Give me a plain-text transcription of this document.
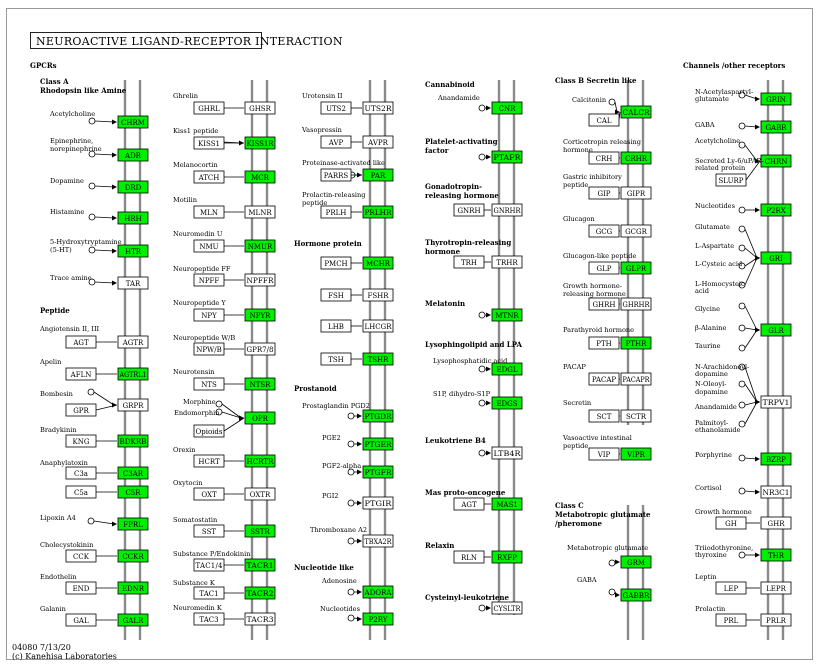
NEUROACTIVE LIGAND-RECEPTOR INTERACTION
AGT
AFLN
GPR
KNG
C3a
C5a
CCK
END
GAL
GHRL
KISS1
ATCH
MLN
NMU
NPFF
NPY
NPW/B
NTS
Opioids
HCRT
OXT
SST
TAC1/4
TAC1
TAC3
UTS2
AVP
PARRS
PRLH
PMCH
FSH
LHB
TSH
GNRH
TRH
AGT
RLN
CAL
CRH
GIP
GCG
GLP
GHRH
PTH
PACAP
SCT
VIP
SLURP
GH
LEP
PRL
CHRM
ADR
DRD
HRH
HTR
TAR
AGTR
AGTRL1
GRPR
BDKRB
C3AR
C5R
FPRL
CCKR
EDNR
GALR
GHSR
KISS1R
MCR
MLNR
NMUR
NPFFR
NPYR
GPR7/8
NTSR
OPR
HCRTR
OXTR
SSTR
TACR1
TACR2
TACR3
UTS2R
AVPR
PAR
PRLHR
MCHR
FSHR
LHCGR
TSHR
PTGDR
PTGER
PTGFR
PTGIR
TBXA2R
ADORA
P2RY
CNR
PTAFR
GNRHR
TRHR
MTNR
EDGL
EDGS
LTB4R
MAS1
RXFP
CYSLTR
CALCR
CRHR
GIPR
GCGR
GLPR
GHRHR
PTHR
PACAPR
SCTR
VIPR
GRM
GABBR
GRIN
GABR
CHRN
P2RX
GRI
GLR
TRPV1
BZRP
NR3C1
GHR
THR
LEPR
PRLR
GPCRs
Class A
Rhodopsin like Amine
Peptide
Hormone protein
Prostanoid
Nucleotide like
Cannabinoid
Platelet-activating
factor
Gonadotropin-
releasing hormone
Thyrotropin-releasing
hormone
Melatonin
Lysophingolipid and LPA
Leukotriene B4
Mas proto-oncogene
Relaxin
Cysteinyl-leukotriene
Class B Secretin like
Class C
Metabotropic glutamate
/pheromone
Channels /other receptors
Acetylcholine
Epinephrine,
norepinephrine
Dopamine
Histamine
5-Hydroxytryptamine
(5-HT)
Trace amine
Angiotensin II, III
Apelin
Bombesin
Bradykinin
Anaphylatoxin
Lipoxin A4
Cholecystokinin
Endothelin
Galanin
Ghrelin
Kiss1 peptide
Melanocortin
Motilin
Neuromedin U
Neuropeptide FF
Neuropeptide Y
Neuropeptide W/B
Neurotensin
Morphine
Endomorphin
Orexin
Oxytocin
Somatostatin
Substance P/Endokinin
Substance K
Neuromedin K
Urotensin II
Vasopressin
Proteinase-activated like
Prolactin-releasing
peptide
Prostaglandin PGD2
PGE2
PGF2-alpha
PGI2
Thromboxane A2
Adenosine
Nucleotides
Anandamide
Lysophosphatidic acid
S1P, dihydro-S1P
Calcitonin
Corticotropin releasing
hormone
Gastric inhibitory
peptide
Glucagon
Glucagon-like peptide
Growth hormone-
releasing hormone
Parathyroid hormone
PACAP
Secretin
Vasoactive intestinal
peptide
Metabotropic glutamate
GABA
N-Acetylaspartyl-
glutamate
GABA
Acetylcholine
Secreted Ly-6/uPAR-
related protein
Nucleotides
Glutamate
L-Aspartate
L-Cysteic acid
L-Homocysteic
acid
Glycine
β-Alanine
Taurine
N-Arachidonoyl-
dopamine
N-Oleoyl-
dopamine
Anandamide
Palmitoyl-
ethanolamide
Porphyrine
Cortisol
Growth hormone
Triiodothyronine,
thyroxine
Leptin
Prolactin
04080 7/13/20
(c) Kanehisa Laboratories
